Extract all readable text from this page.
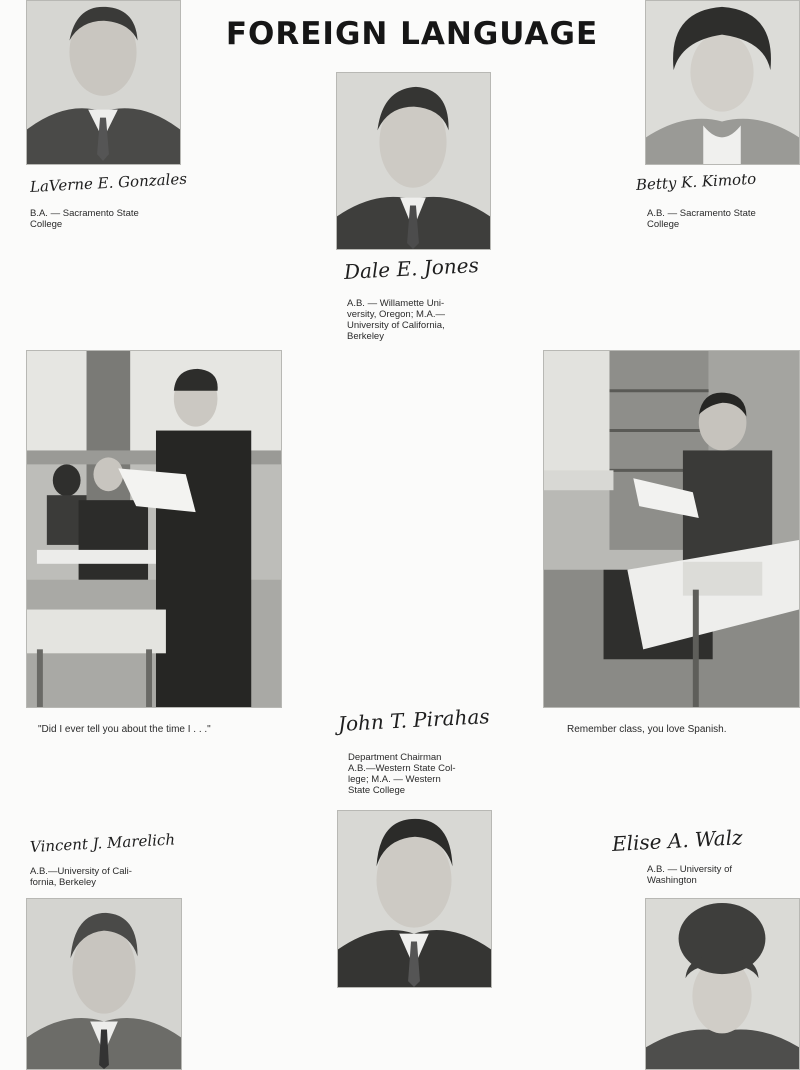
FOREIGN LANGUAGE
LaVerne E. Gonzales
B.A. — Sacramento State
College
Dale E. Jones
A.B. — Willamette Uni-
versity, Oregon; M.A.—
University of California,
Berkeley
Betty K. Kimoto
A.B. — Sacramento State
College
"Did I ever tell you about the time I . . ."	Remember class, you love Spanish.
John T. Pirahas
Department Chairman
A.B.—Western State Col-
lege; M.A. — Western
State College
Vincent J. Marelich
A.B.—University of Cali-
fornia, Berkeley
Elise A. Walz
A.B. — University of
Washington
